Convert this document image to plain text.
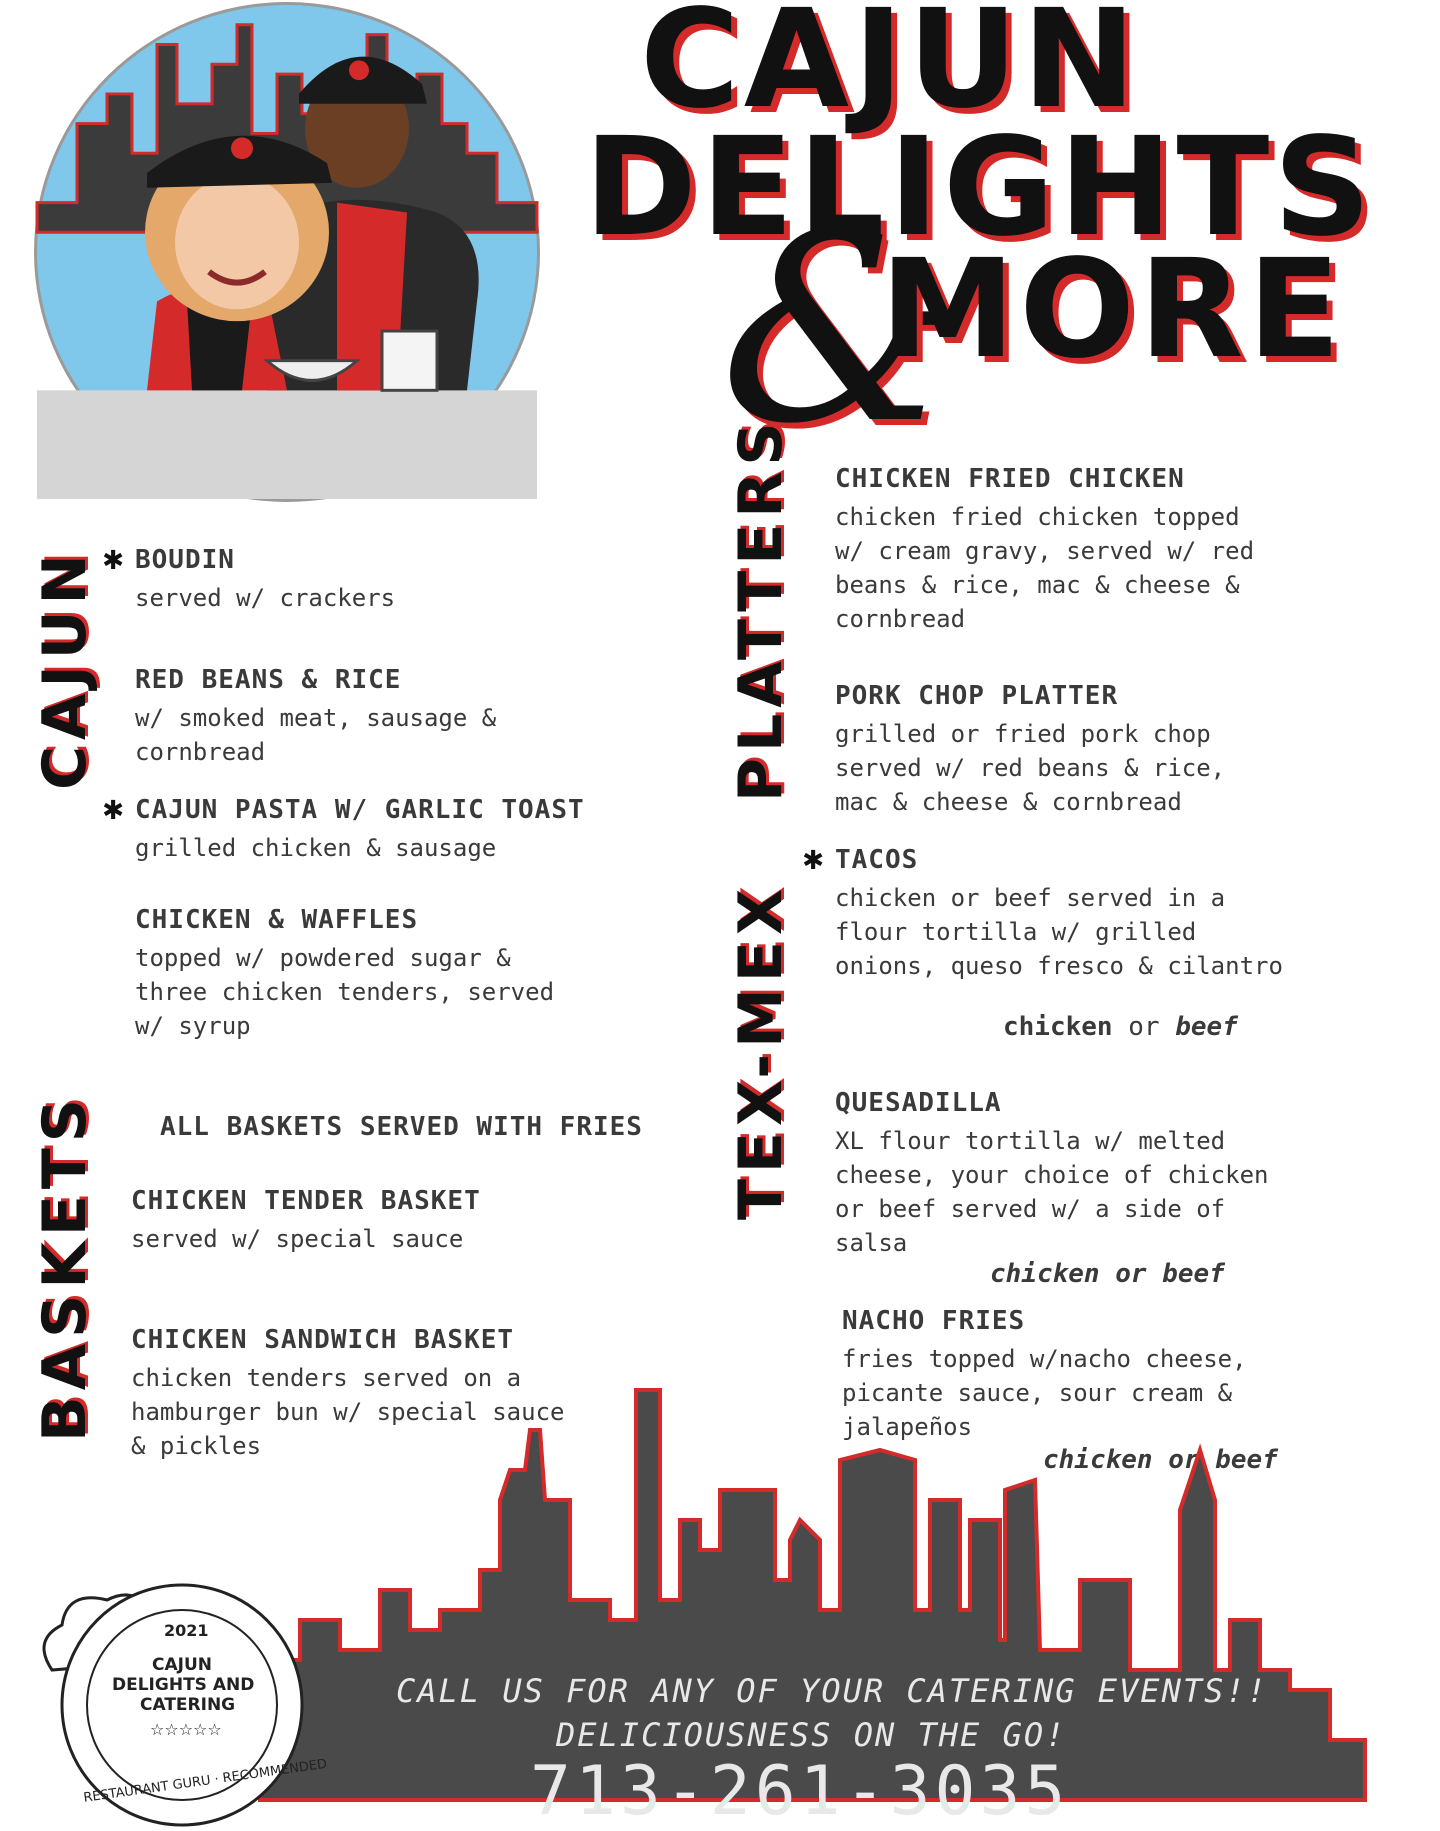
CAJUN
DELIGHTS
&
MORE
CAJUN
BASKETS
PLATTERS
TEX-MEX
✱ BOUDIN
served w/ crackers
RED BEANS & RICE
w/ smoked meat, sausage &
cornbread
✱ CAJUN PASTA W/ GARLIC TOAST
grilled chicken & sausage
CHICKEN & WAFFLES
topped w/ powdered sugar &
three chicken tenders, served
w/ syrup
ALL BASKETS SERVED WITH FRIES
CHICKEN TENDER BASKET
served w/ special sauce
CHICKEN SANDWICH BASKET
chicken tenders served on a
hamburger bun w/ special sauce
& pickles
CHICKEN FRIED CHICKEN
chicken fried chicken topped
w/ cream gravy, served w/ red
beans & rice, mac & cheese &
cornbread
PORK CHOP PLATTER
grilled or fried pork chop
served w/ red beans & rice,
mac & cheese & cornbread
✱ TACOS
chicken or beef served in a
flour tortilla w/ grilled
onions, queso fresco & cilantro
chicken or beef
QUESADILLA
XL flour tortilla w/ melted
cheese, your choice of chicken
or beef served w/ a side of
salsa
chicken or beef
NACHO FRIES
fries topped w/nacho cheese,
picante sauce, sour cream &
jalapeños
chicken or beef
CALL US FOR ANY OF YOUR CATERING EVENTS!!
DELICIOUSNESS ON THE GO!
713-261-3035
2021
CAJUN
DELIGHTS AND
CATERING
☆☆☆☆☆
RESTAURANT GURU · RECOMMENDED
